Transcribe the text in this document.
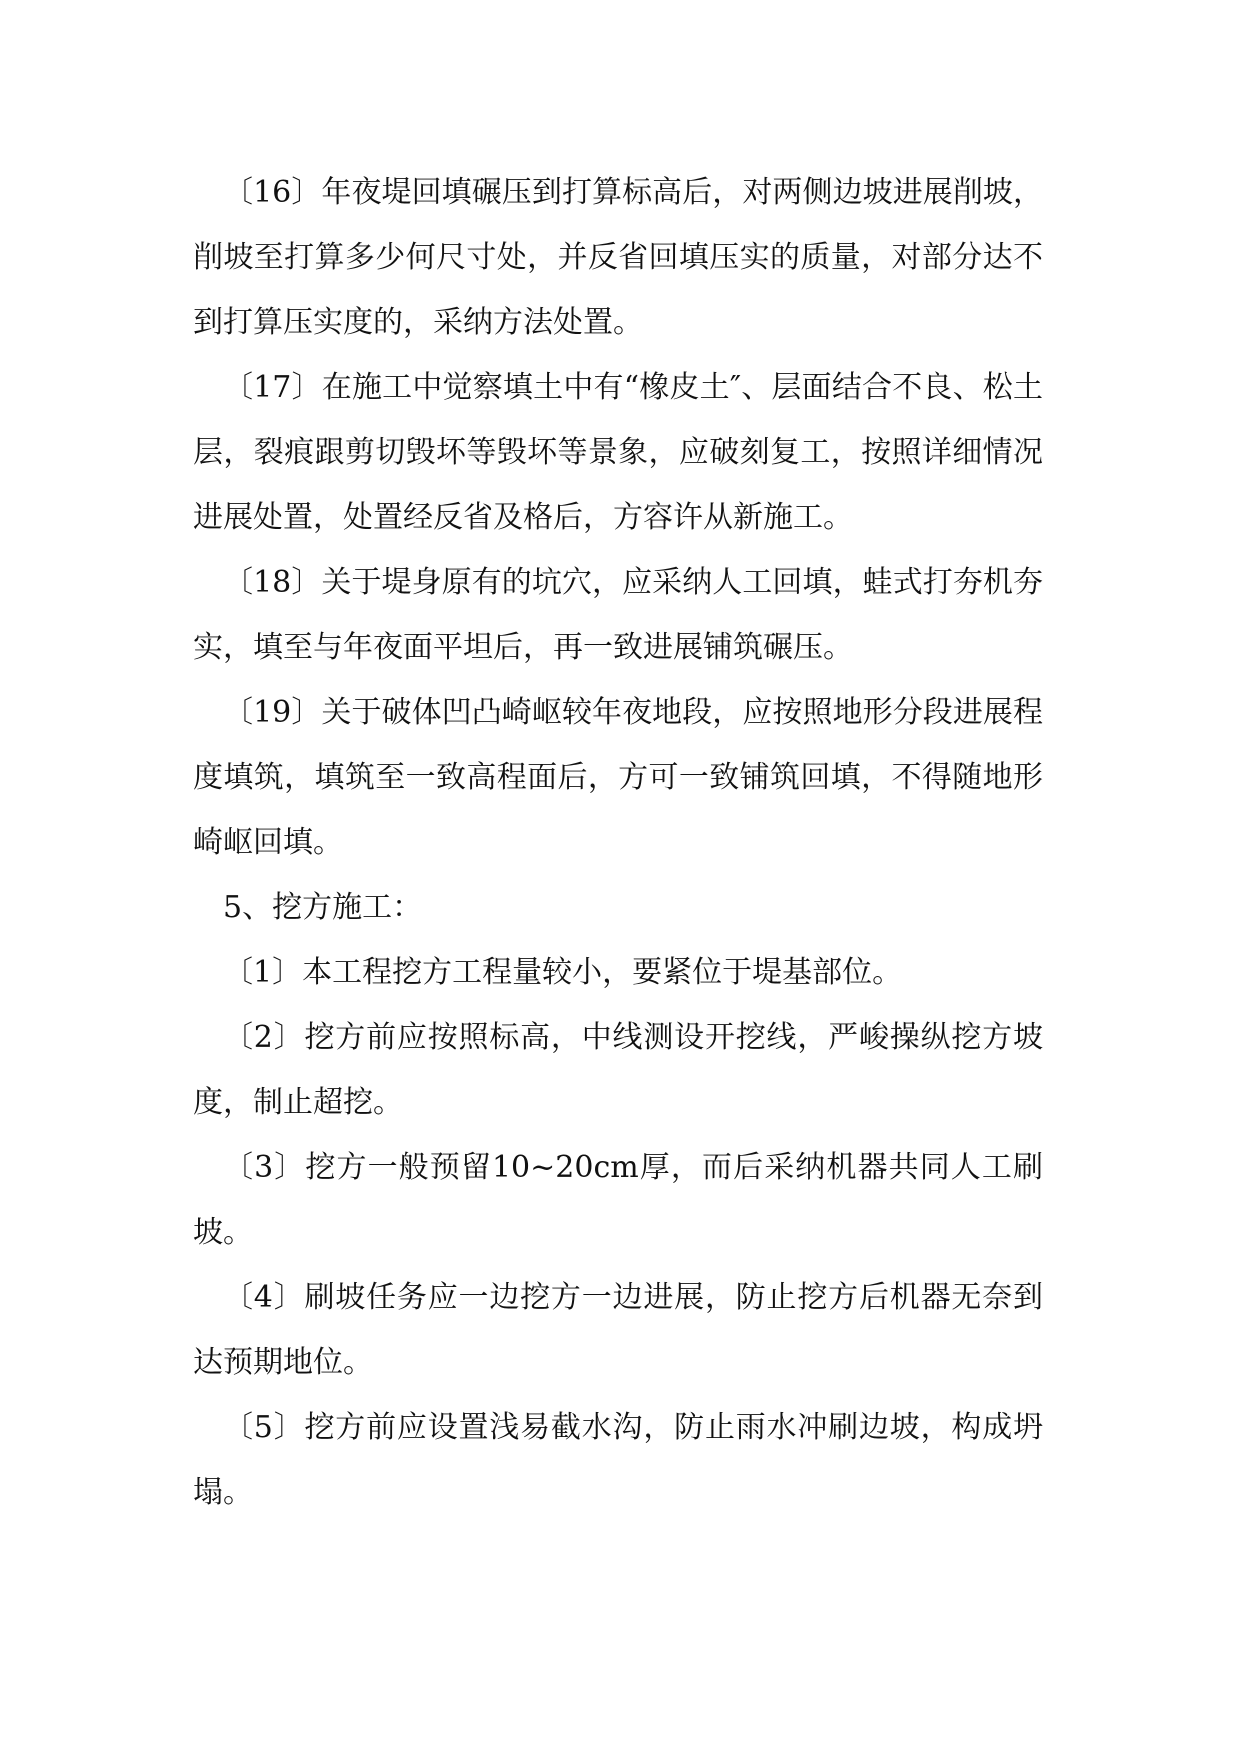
〔16〕年夜堤回填碾压到打算标高后，对两侧边坡进展削坡，削坡至打算多少何尺寸处，并反省回填压实的质量，对部分达不到打算压实度的，采纳方法处置。

〔17〕在施工中觉察填土中有“橡皮土″、层面结合不良、松土层，裂痕跟剪切毁坏等毁坏等景象，应破刻复工，按照详细情况进展处置，处置经反省及格后，方容许从新施工。

〔18〕关于堤身原有的坑穴，应采纳人工回填，蛙式打夯机夯实，填至与年夜面平坦后，再一致进展铺筑碾压。

〔19〕关于破体凹凸崎岖较年夜地段，应按照地形分段进展程度填筑，填筑至一致高程面后，方可一致铺筑回填，不得随地形崎岖回填。

5、挖方施工：

〔1〕本工程挖方工程量较小，要紧位于堤基部位。

〔2〕挖方前应按照标高，中线测设开挖线，严峻操纵挖方坡度，制止超挖。

〔3〕挖方一般预留10~20cm厚，而后采纳机器共同人工刷坡。

〔4〕刷坡任务应一边挖方一边进展，防止挖方后机器无奈到达预期地位。

〔5〕挖方前应设置浅易截水沟，防止雨水冲刷边坡，构成坍塌。
